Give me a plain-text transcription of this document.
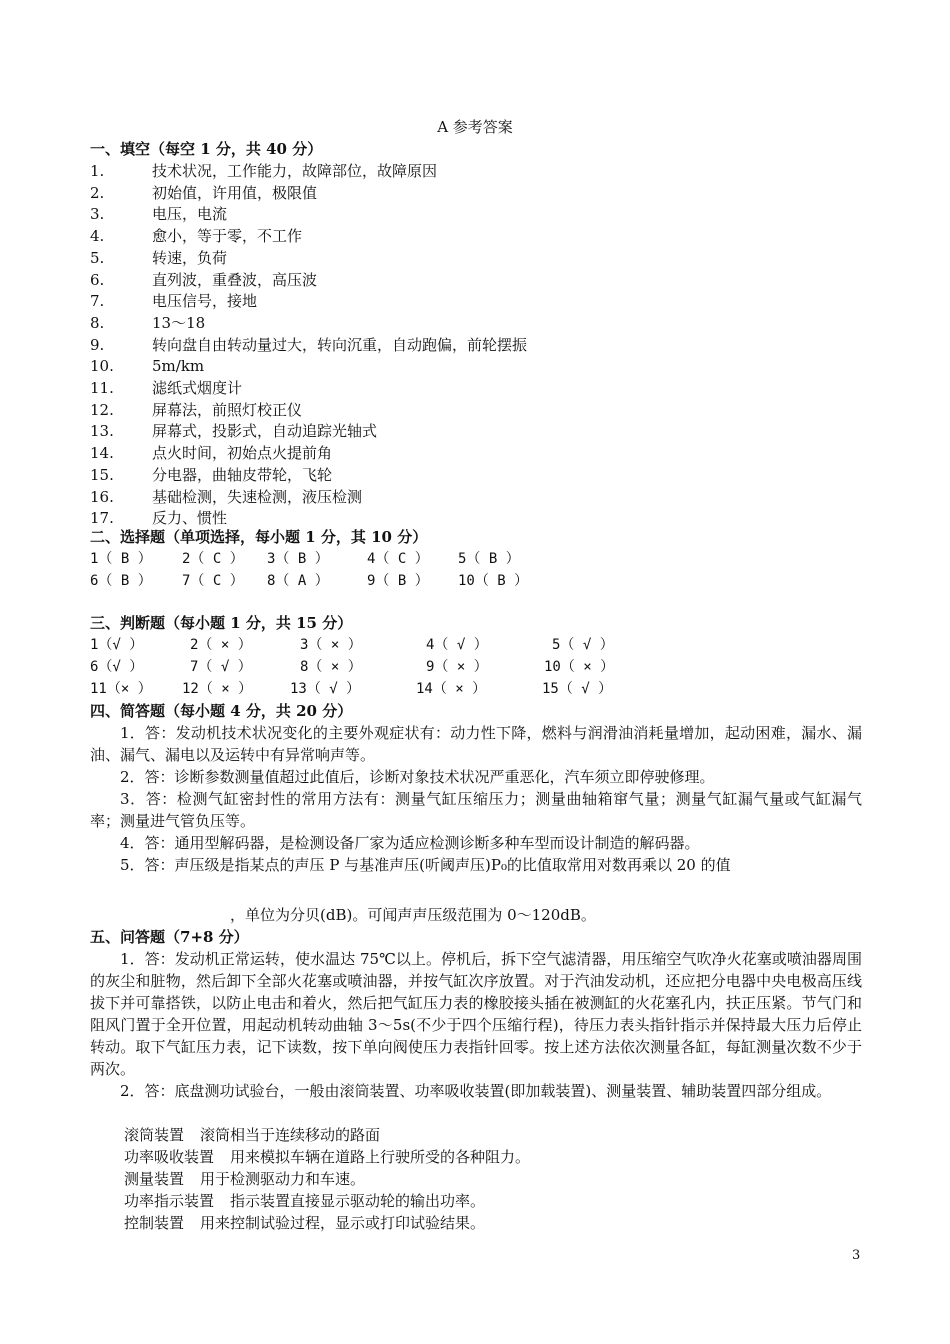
A 参考答案
一、填空（每空 1 分，共 40 分）
1.	技术状况，工作能力，故障部位，故障原因
2.	初始值，许用值，极限值
3.	电压，电流
4.	愈小，等于零，不工作
5.	转速，负荷
6.	直列波，重叠波，高压波
7.	电压信号，接地
8.	13～18
9.	转向盘自由转动量过大，转向沉重，自动跑偏，前轮摆振
10.	5m/km
11.	滤纸式烟度计
12.	屏幕法，前照灯校正仪
13.	屏幕式，投影式，自动追踪光轴式
14.	点火时间，初始点火提前角
15.	分电器，曲轴皮带轮，飞轮
16.	基础检测，失速检测，液压检测
17.	反力、惯性
二、选择题（单项选择，每小题 1 分，其 10 分）
1（ B ） 2（ C ） 3（ B ）	4（ C ） 5（ B ）
6（ B ） 7（ C ） 8（ A ）	9（ B ） 10（ B ）
三、判断题（每小题 1 分，共 15 分）
1（√ ）	2（ × ）	3（ × ）	4（ √ ）	5（ √ ）
6（√ ）	7（ √ ）	8（ × ）	9（ × ）	10（ × ）
11（× ） 12（ × ）	13（ √ ）	14（ × ）	15（ √ ）
四、简答题（每小题 4 分，共 20 分）
1．答：发动机技术状况变化的主要外观症状有：动力性下降，燃料与润滑油消耗量增加，起动困难，漏水、漏油、漏气、漏电以及运转中有异常响声等。
2．答：诊断参数测量值超过此值后，诊断对象技术状况严重恶化，汽车须立即停驶修理。
3．答：检测气缸密封性的常用方法有：测量气缸压缩压力；测量曲轴箱窜气量；测量气缸漏气量或气缸漏气率；测量进气管负压等。
4．答：通用型解码器，是检测设备厂家为适应检测诊断多种车型而设计制造的解码器。
5．答：声压级是指某点的声压 P 与基准声压(听阈声压)P₀的比值取常用对数再乘以 20 的值
，单位为分贝(dB)。可闻声声压级范围为 0～120dB。
五、问答题（7+8 分）
1．答：发动机正常运转，使水温达 75℃以上。停机后，拆下空气滤清器，用压缩空气吹净火花塞或喷油器周围的灰尘和脏物，然后卸下全部火花塞或喷油器，并按气缸次序放置。对于汽油发动机，还应把分电器中央电极高压线拔下并可靠搭铁，以防止电击和着火，然后把气缸压力表的橡胶接头插在被测缸的火花塞孔内，扶正压紧。节气门和阻风门置于全开位置，用起动机转动曲轴 3～5s(不少于四个压缩行程)，待压力表头指针指示并保持最大压力后停止转动。取下气缸压力表，记下读数，按下单向阀使压力表指针回零。按上述方法依次测量各缸，每缸测量次数不少于两次。
2．答：底盘测功试验台，一般由滚筒装置、功率吸收装置(即加载装置)、测量装置、辅助装置四部分组成。
滚筒装置 滚筒相当于连续移动的路面
功率吸收装置 用来模拟车辆在道路上行驶所受的各种阻力。
测量装置 用于检测驱动力和车速。
功率指示装置 指示装置直接显示驱动轮的输出功率。
控制装置 用来控制试验过程，显示或打印试验结果。
3
